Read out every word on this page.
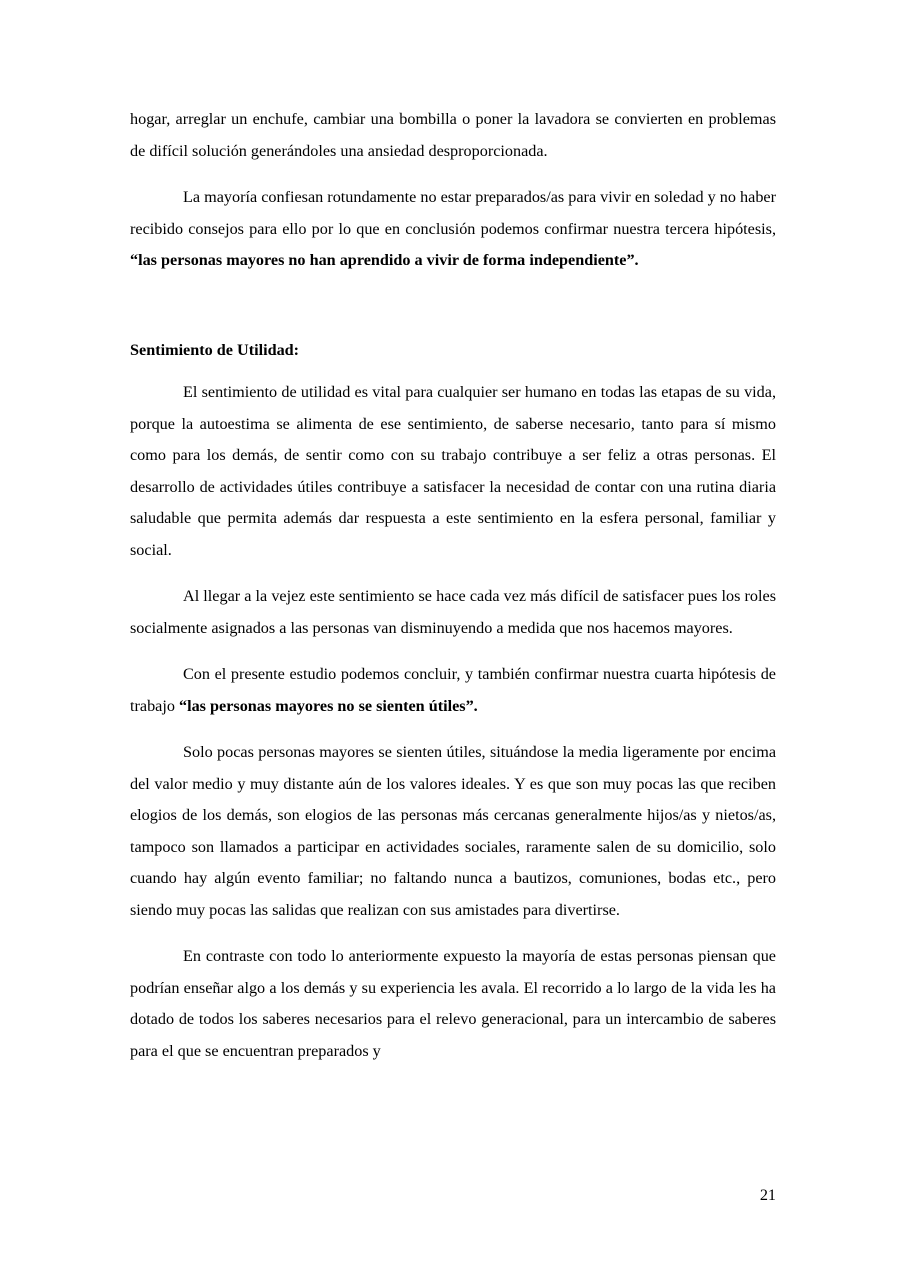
hogar, arreglar un enchufe, cambiar una bombilla o poner la lavadora se convierten en problemas de difícil solución generándoles una ansiedad desproporcionada.

La mayoría confiesan rotundamente no estar preparados/as para vivir en soledad y no haber recibido consejos para ello por lo que en conclusión podemos confirmar nuestra tercera hipótesis, “las personas mayores no han aprendido a vivir de forma independiente”.

Sentimiento de Utilidad:

El sentimiento de utilidad es vital para cualquier ser humano en todas las etapas de su vida, porque la autoestima se alimenta de ese sentimiento, de saberse necesario, tanto para sí mismo como para los demás, de sentir como con su trabajo contribuye a ser feliz a otras personas. El desarrollo de actividades útiles contribuye a satisfacer la necesidad de contar con una rutina diaria saludable que permita además dar respuesta a este sentimiento en la esfera personal, familiar y social.

Al llegar a la vejez este sentimiento se hace cada vez más difícil de satisfacer pues los roles socialmente asignados a las personas van disminuyendo a medida que nos hacemos mayores.

Con el presente estudio podemos concluir, y también confirmar nuestra cuarta hipótesis de trabajo “las personas mayores no se sienten útiles”.

Solo pocas personas mayores se sienten útiles, situándose la media ligeramente por encima del valor medio y muy distante aún de los valores ideales. Y es que son muy pocas las que reciben elogios de los demás, son elogios de las personas más cercanas generalmente hijos/as y nietos/as, tampoco son llamados a participar en actividades sociales, raramente salen de su domicilio, solo cuando hay algún evento familiar; no faltando nunca a bautizos, comuniones, bodas etc., pero siendo muy pocas las salidas que realizan con sus amistades para divertirse.

En contraste con todo lo anteriormente expuesto la mayoría de estas personas piensan que podrían enseñar algo a los demás y su experiencia les avala. El recorrido a lo largo de la vida les ha dotado de todos los saberes necesarios para el relevo generacional, para un intercambio de saberes para el que se encuentran preparados y

21
